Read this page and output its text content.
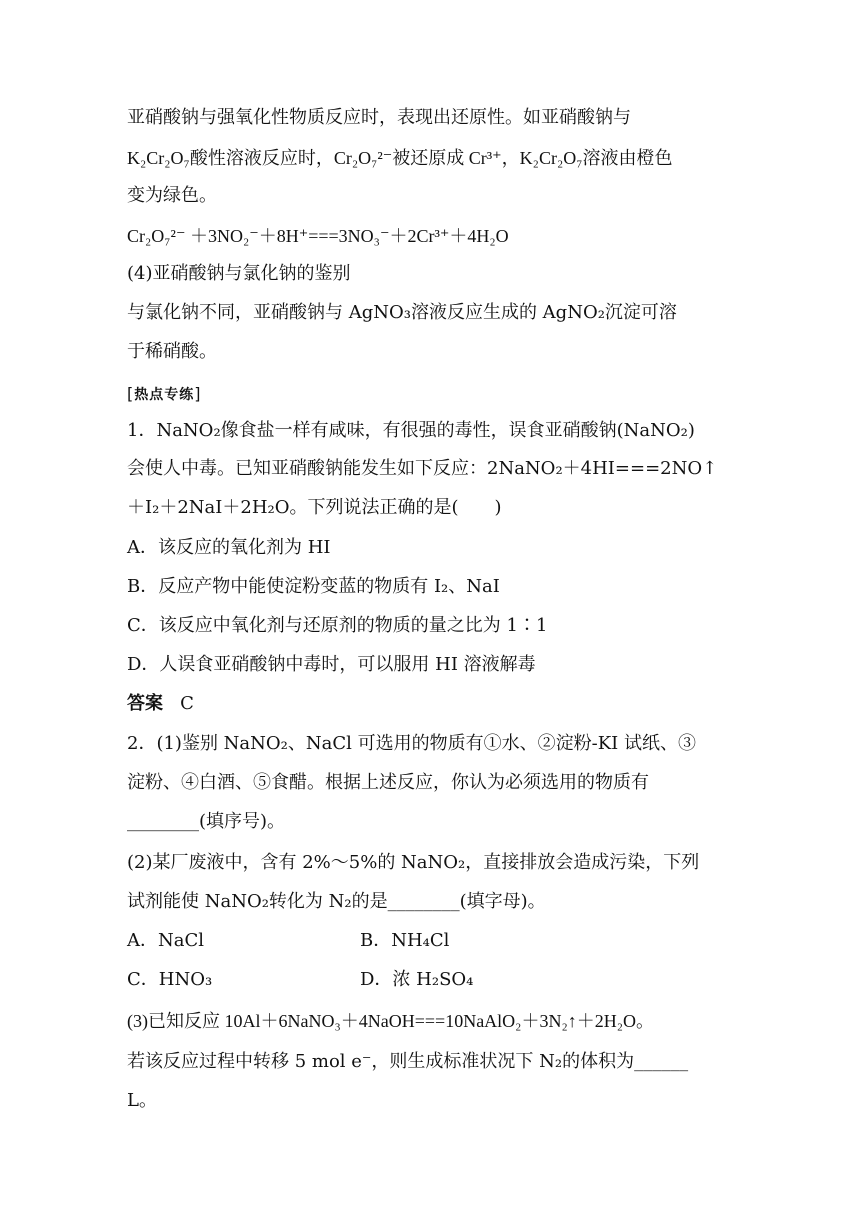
亚硝酸钠与强氧化性物质反应时，表现出还原性。如亚硝酸钠与
K₂Cr₂O₇酸性溶液反应时，Cr₂O₇²⁻被还原成 Cr³⁺，K₂Cr₂O₇溶液由橙色
变为绿色。
Cr₂O₇²⁻ ＋3NO₂⁻＋8H⁺===3NO₃⁻＋2Cr³⁺＋4H₂O
(4)亚硝酸钠与氯化钠的鉴别
与氯化钠不同，亚硝酸钠与 AgNO₃溶液反应生成的 AgNO₂沉淀可溶
于稀硝酸。
[热点专练]
1．NaNO₂像食盐一样有咸味，有很强的毒性，误食亚硝酸钠(NaNO₂)
会使人中毒。已知亚硝酸钠能发生如下反应：2NaNO₂＋4HI===2NO↑
＋I₂＋2NaI＋2H₂O。下列说法正确的是(　　)
A．该反应的氧化剂为 HI
B．反应产物中能使淀粉变蓝的物质有 I₂、NaI
C．该反应中氧化剂与还原剂的物质的量之比为 1∶1
D．人误食亚硝酸钠中毒时，可以服用 HI 溶液解毒
答案 C
2．(1)鉴别 NaNO₂、NaCl 可选用的物质有①水、②淀粉-KI 试纸、③
淀粉、④白酒、⑤食醋。根据上述反应，你认为必须选用的物质有
________(填序号)。
(2)某厂废液中，含有 2%～5%的 NaNO₂，直接排放会造成污染，下列
试剂能使 NaNO₂转化为 N₂的是________(填字母)。
A．NaCl	B．NH₄Cl
C．HNO₃	D．浓 H₂SO₄
(3)已知反应 10Al＋6NaNO₃＋4NaOH===10NaAlO₂＋3N₂↑＋2H₂O。
若该反应过程中转移 5 mol e⁻，则生成标准状况下 N₂的体积为______
L。
